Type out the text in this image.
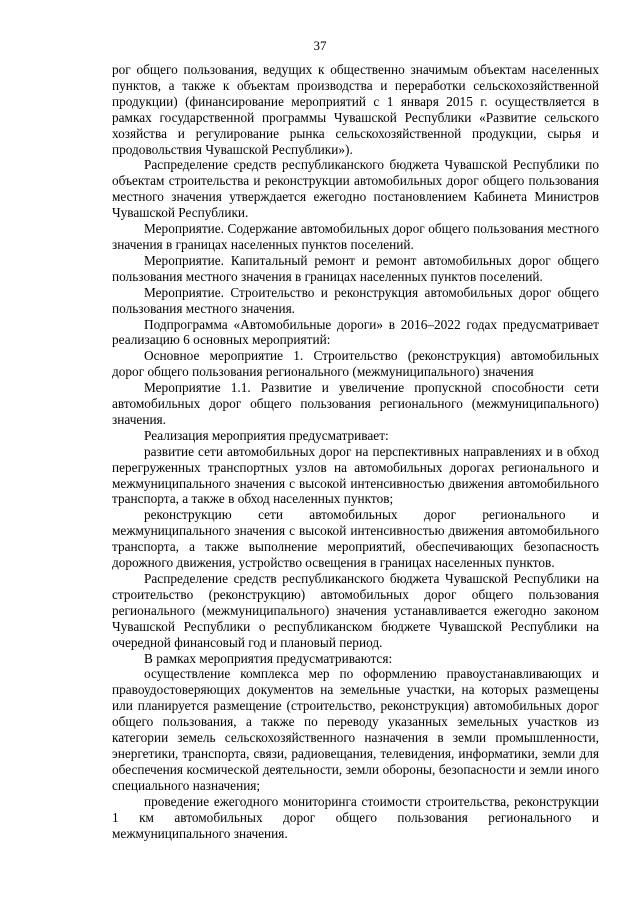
37

рог общего пользования, ведущих к общественно значимым объектам населенных пунктов, а также к объектам производства и переработки сельскохозяйственной продукции) (финансирование мероприятий с 1 января 2015 г. осуществляется в рамках государственной программы Чувашской Республики «Развитие сельского хозяйства и регулирование рынка сельскохозяйственной продукции, сырья и продовольствия Чувашской Республики»).

Распределение средств республиканского бюджета Чувашской Республики по объектам строительства и реконструкции автомобильных дорог общего пользования местного значения утверждается ежегодно постановлением Кабинета Министров Чувашской Республики.

Мероприятие. Содержание автомобильных дорог общего пользования местного значения в границах населенных пунктов поселений.

Мероприятие. Капитальный ремонт и ремонт автомобильных дорог общего пользования местного значения в границах населенных пунктов поселений.

Мероприятие. Строительство и реконструкция автомобильных дорог общего пользования местного значения.

Подпрограмма «Автомобильные дороги» в 2016–2022 годах предусматривает реализацию 6 основных мероприятий:

Основное мероприятие 1. Строительство (реконструкция) автомобильных дорог общего пользования регионального (межмуниципального) значения

Мероприятие 1.1. Развитие и увеличение пропускной способности сети автомобильных дорог общего пользования регионального (межмуниципального) значения.

Реализация мероприятия предусматривает:

развитие сети автомобильных дорог на перспективных направлениях и в обход перегруженных транспортных узлов на автомобильных дорогах регионального и межмуниципального значения с высокой интенсивностью движения автомобильного транспорта, а также в обход населенных пунктов;

реконструкцию сети автомобильных дорог регионального и межмуниципального значения с высокой интенсивностью движения автомобильного транспорта, а также выполнение мероприятий, обеспечивающих безопасность дорожного движения, устройство освещения в границах населенных пунктов.

Распределение средств республиканского бюджета Чувашской Республики на строительство (реконструкцию) автомобильных дорог общего пользования регионального (межмуниципального) значения устанавливается ежегодно законом Чувашской Республики о республиканском бюджете Чувашской Республики на очередной финансовый год и плановый период.

В рамках мероприятия предусматриваются:

осуществление комплекса мер по оформлению правоустанавливающих и правоудостоверяющих документов на земельные участки, на которых размещены или планируется размещение (строительство, реконструкция) автомобильных дорог общего пользования, а также по переводу указанных земельных участков из категории земель сельскохозяйственного назначения в земли промышленности, энергетики, транспорта, связи, радиовещания, телевидения, информатики, земли для обеспечения космической деятельности, земли обороны, безопасности и земли иного специального назначения;

проведение ежегодного мониторинга стоимости строительства, реконструкции 1 км автомобильных дорог общего пользования регионального и межмуниципального значения.
